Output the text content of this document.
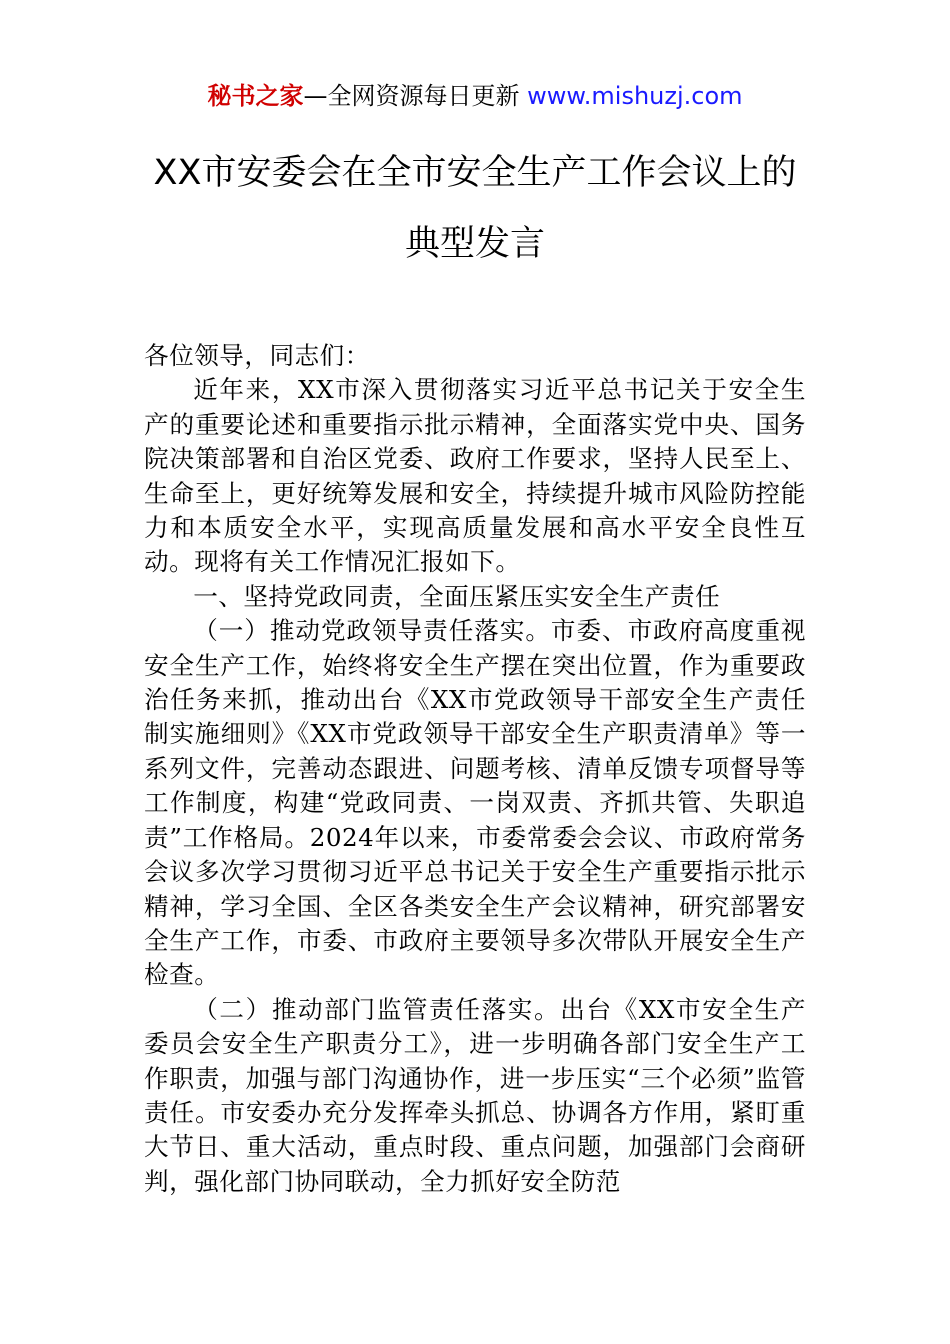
秘书之家—全网资源每日更新 www.mishuzj.com
XX市安委会在全市安全生产工作会议上的
典型发言

各位领导，同志们：

近年来，XX市深入贯彻落实习近平总书记关于安全生产的重要论述和重要指示批示精神，全面落实党中央、国务院决策部署和自治区党委、政府工作要求，坚持人民至上、生命至上，更好统筹发展和安全，持续提升城市风险防控能力和本质安全水平，实现高质量发展和高水平安全良性互动。现将有关工作情况汇报如下。

一、坚持党政同责，全面压紧压实安全生产责任

（一）推动党政领导责任落实。市委、市政府高度重视安全生产工作，始终将安全生产摆在突出位置，作为重要政治任务来抓，推动出台《XX市党政领导干部安全生产责任制实施细则》《XX市党政领导干部安全生产职责清单》等一系列文件，完善动态跟进、问题考核、清单反馈专项督导等工作制度，构建“党政同责、一岗双责、齐抓共管、失职追责”工作格局。2024年以来，市委常委会会议、市政府常务会议多次学习贯彻习近平总书记关于安全生产重要指示批示精神，学习全国、全区各类安全生产会议精神，研究部署安全生产工作，市委、市政府主要领导多次带队开展安全生产检查。

（二）推动部门监管责任落实。出台《XX市安全生产委员会安全生产职责分工》，进一步明确各部门安全生产工作职责，加强与部门沟通协作，进一步压实“三个必须”监管责任。市安委办充分发挥牵头抓总、协调各方作用，紧盯重大节日、重大活动，重点时段、重点问题，加强部门会商研判，强化部门协同联动，全力抓好安全防范
